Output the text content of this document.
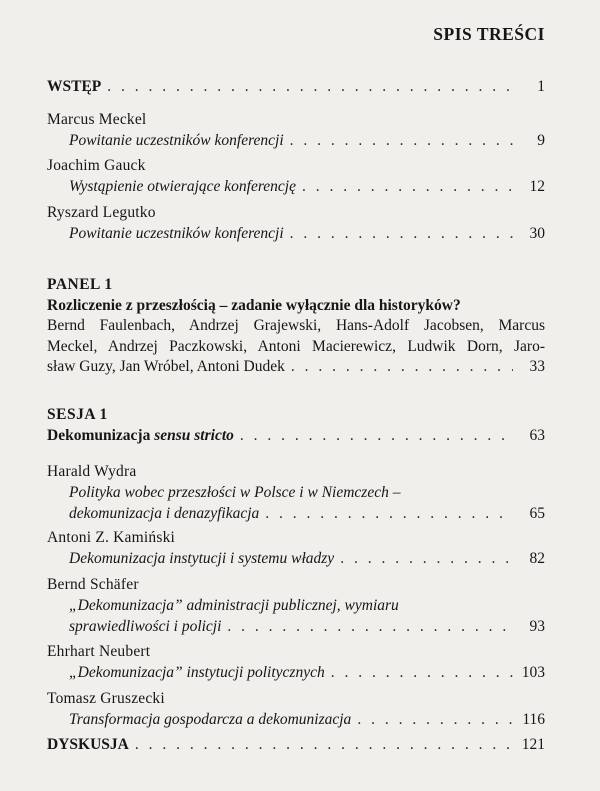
SPIS TREŚCI
WSTĘP . . .	1
Marcus Meckel
Powitanie uczestników konferencji . . .	9
Joachim Gauck
Wystąpienie otwierające konferencję . . .	12
Ryszard Legutko
Powitanie uczestników konferencji . . .	30
PANEL 1
Rozliczenie z przeszłością – zadanie wyłącznie dla historyków?
Bernd Faulenbach, Andrzej Grajewski, Hans-Adolf Jacobsen, Marcus
Meckel, Andrzej Paczkowski, Antoni Macierewicz, Ludwik Dorn, Jaro-
sław Guzy, Jan Wróbel, Antoni Dudek . . .	33
SESJA 1
Dekomunizacja sensu stricto . . .	63
Harald Wydra
Polityka wobec przeszłości w Polsce i w Niemczech –
dekomunizacja i denazyfikacja . . .	65
Antoni Z. Kamiński
Dekomunizacja instytucji i systemu władzy . . .	82
Bernd Schäfer
„Dekomunizacja” administracji publicznej, wymiaru
sprawiedliwości i policji . . .	93
Ehrhart Neubert
„Dekomunizacja” instytucji politycznych . . .	103
Tomasz Gruszecki
Transformacja gospodarcza a dekomunizacja . . .	116
DYSKUSJA . . .	121
